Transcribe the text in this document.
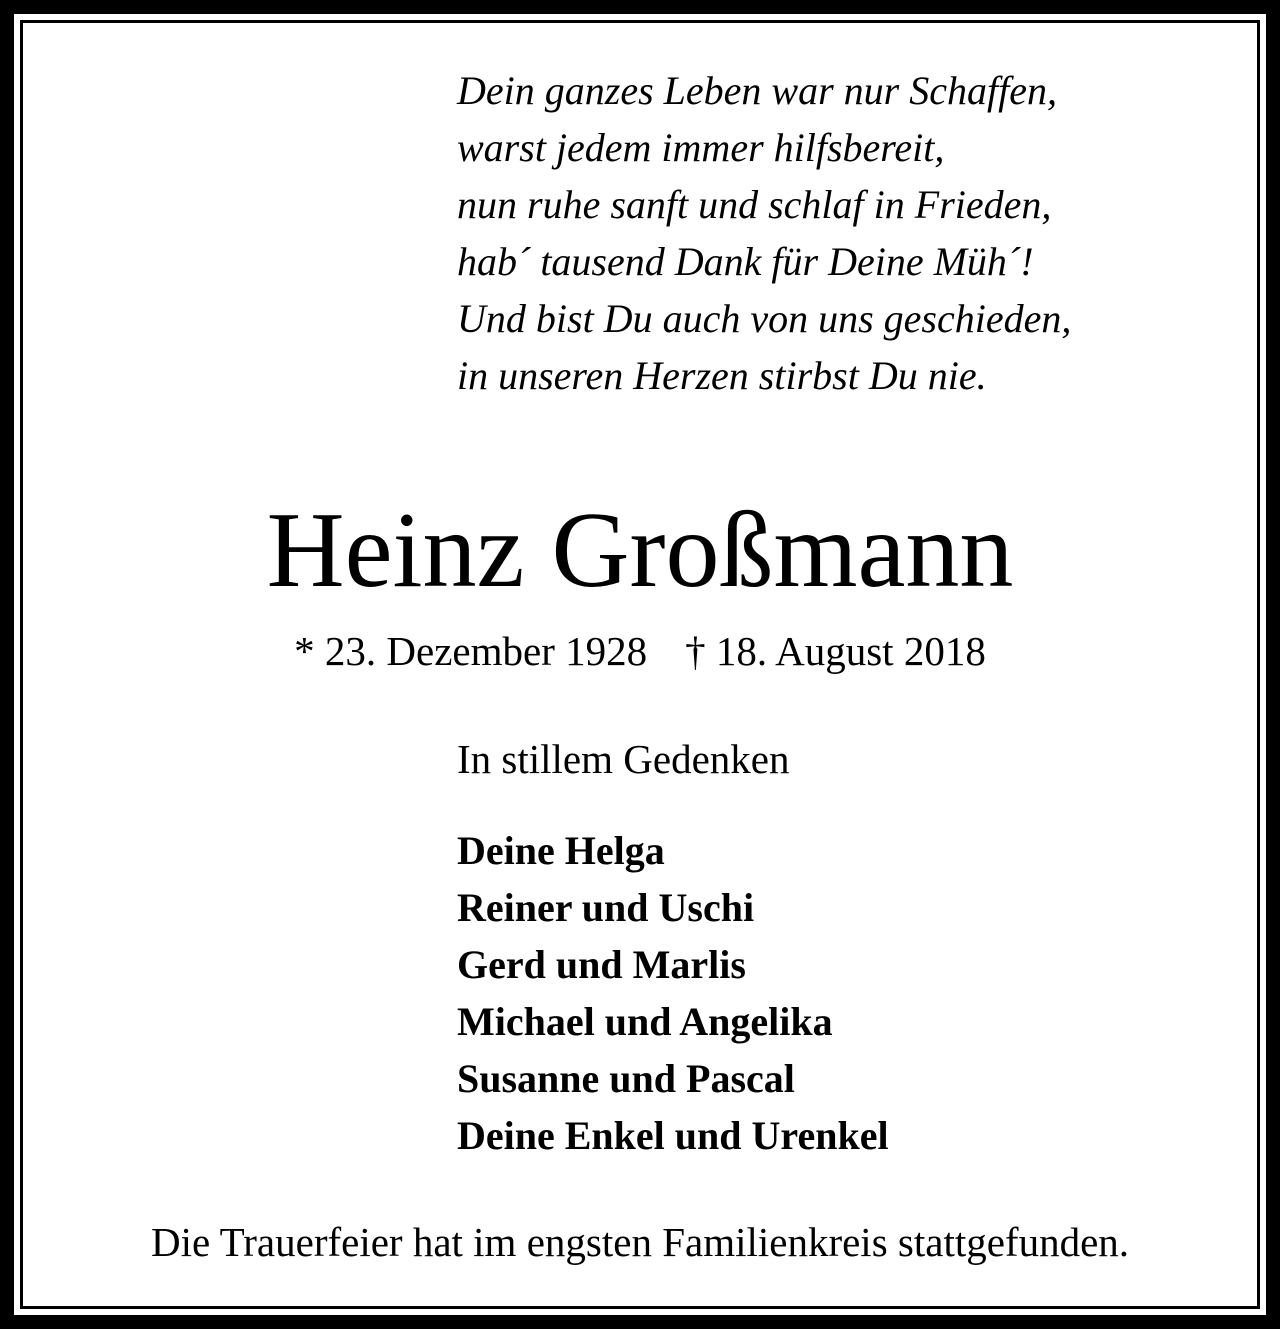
Dein ganzes Leben war nur Schaffen,
warst jedem immer hilfsbereit,
nun ruhe sanft und schlaf in Frieden,
hab´ tausend Dank für Deine Müh´!
Und bist Du auch von uns geschieden,
in unseren Herzen stirbst Du nie.
Heinz Großmann
* 23. Dezember 1928 † 18. August 2018
In stillem Gedenken
Deine Helga
Reiner und Uschi
Gerd und Marlis
Michael und Angelika
Susanne und Pascal
Deine Enkel und Urenkel
Die Trauerfeier hat im engsten Familienkreis stattgefunden.
